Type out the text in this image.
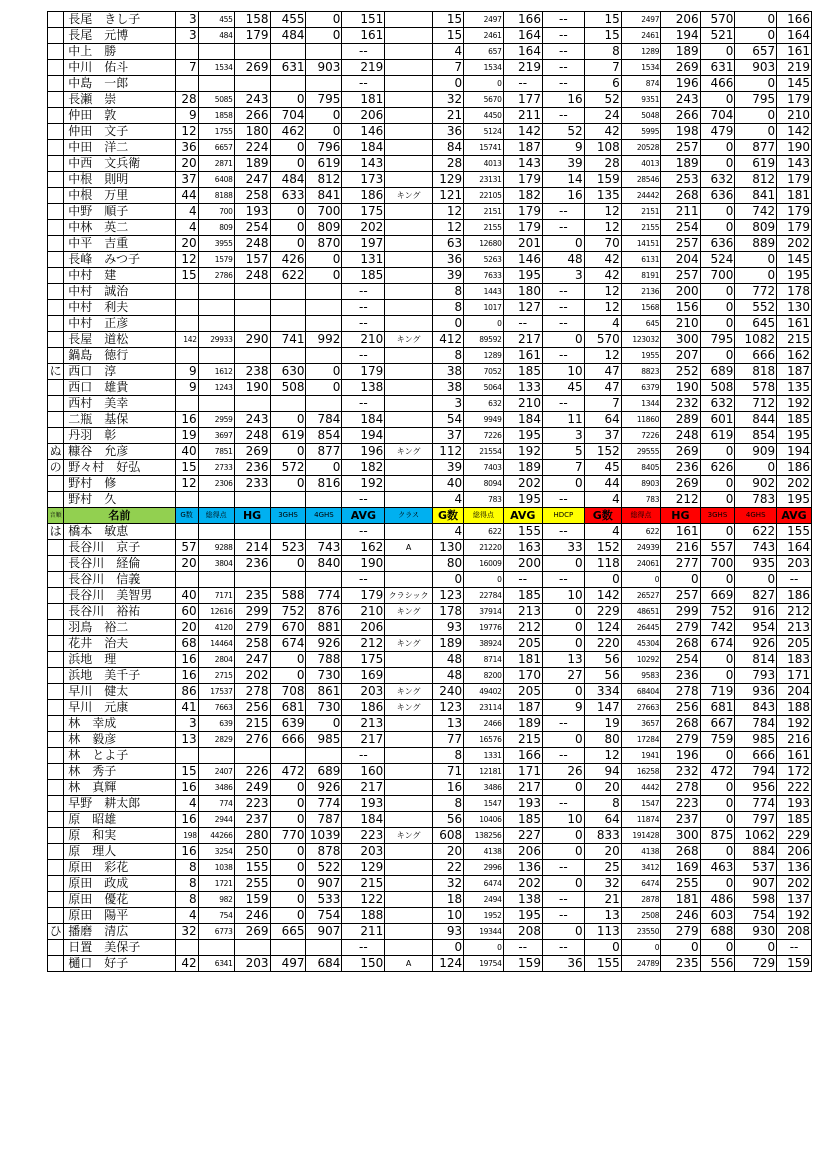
	長尾　きし子	3	455	158	455	0	151		15	2497	166	--	15	2497	206	570	0	166
	長尾　元博	3	484	179	484	0	161		15	2461	164	--	15	2461	194	521	0	164
	中上　勝						--		4	657	164	--	8	1289	189	0	657	161
	中川　佑斗	7	1534	269	631	903	219		7	1534	219	--	7	1534	269	631	903	219
	中島　一郎						--		0	0	--	--	6	874	196	466	0	145
	長瀬　崇	28	5085	243	0	795	181		32	5670	177	16	52	9351	243	0	795	179
	仲田　敦	9	1858	266	704	0	206		21	4450	211	--	24	5048	266	704	0	210
	仲田　文子	12	1755	180	462	0	146		36	5124	142	52	42	5995	198	479	0	142
	中田　洋二	36	6657	224	0	796	184		84	15741	187	9	108	20528	257	0	877	190
	中西　文兵衛	20	2871	189	0	619	143		28	4013	143	39	28	4013	189	0	619	143
	中根　則明	37	6408	247	484	812	173		129	23131	179	14	159	28546	253	632	812	179
	中根　万里	44	8188	258	633	841	186	キング	121	22105	182	16	135	24442	268	636	841	181
	中野　順子	4	700	193	0	700	175		12	2151	179	--	12	2151	211	0	742	179
	中林　英二	4	809	254	0	809	202		12	2155	179	--	12	2155	254	0	809	179
	中平　吉重	20	3955	248	0	870	197		63	12680	201	0	70	14151	257	636	889	202
	長峰　みつ子	12	1579	157	426	0	131		36	5263	146	48	42	6131	204	524	0	145
	中村　建	15	2786	248	622	0	185		39	7633	195	3	42	8191	257	700	0	195
	中村　誠治						--		8	1443	180	--	12	2136	200	0	772	178
	中村　利夫						--		8	1017	127	--	12	1568	156	0	552	130
	中村　正彦						--		0	0	--	--	4	645	210	0	645	161
	長屋　道松	142	29933	290	741	992	210	キング	412	89592	217	0	570	123032	300	795	1082	215
	鍋島　徳行						--		8	1289	161	--	12	1955	207	0	666	162
に	西口　淳	9	1612	238	630	0	179		38	7052	185	10	47	8823	252	689	818	187
	西口　雄貴	9	1243	190	508	0	138		38	5064	133	45	47	6379	190	508	578	135
	西村　美幸						--		3	632	210	--	7	1344	232	632	712	192
	二瓶　基保	16	2959	243	0	784	184		54	9949	184	11	64	11860	289	601	844	185
	丹羽　彰	19	3697	248	619	854	194		37	7226	195	3	37	7226	248	619	854	195
ぬ	糠谷　允彦	40	7851	269	0	877	196	キング	112	21554	192	5	152	29555	269	0	909	194
の	野々村　好弘	15	2733	236	572	0	182		39	7403	189	7	45	8405	236	626	0	186
	野村　修	12	2306	233	0	816	192		40	8094	202	0	44	8903	269	0	902	202
	野村　久						--		4	783	195	--	4	783	212	0	783	195
音順	名前	G数	総得点	HG	3GHS	4GHS	AVG	クラス	G数	総得点	AVG	HDCP	G数	総得点	HG	3GHS	4GHS	AVG
は	橋本　敏恵						--		4	622	155	--	4	622	161	0	622	155
	長谷川　京子	57	9288	214	523	743	162	A	130	21220	163	33	152	24939	216	557	743	164
	長谷川　経倫	20	3804	236	0	840	190		80	16009	200	0	118	24061	277	700	935	203
	長谷川　信義						--		0	0	--	--	0	0	0	0	0	--
	長谷川　美智男	40	7171	235	588	774	179	クラシック	123	22784	185	10	142	26527	257	669	827	186
	長谷川　裕祐	60	12616	299	752	876	210	キング	178	37914	213	0	229	48651	299	752	916	212
	羽鳥　裕二	20	4120	279	670	881	206		93	19776	212	0	124	26445	279	742	954	213
	花井　治夫	68	14464	258	674	926	212	キング	189	38924	205	0	220	45304	268	674	926	205
	浜地　理	16	2804	247	0	788	175		48	8714	181	13	56	10292	254	0	814	183
	浜地　美千子	16	2715	202	0	730	169		48	8200	170	27	56	9583	236	0	793	171
	早川　健太	86	17537	278	708	861	203	キング	240	49402	205	0	334	68404	278	719	936	204
	早川　元康	41	7663	256	681	730	186	キング	123	23114	187	9	147	27663	256	681	843	188
	林　幸成	3	639	215	639	0	213		13	2466	189	--	19	3657	268	667	784	192
	林　毅彦	13	2829	276	666	985	217		77	16576	215	0	80	17284	279	759	985	216
	林　とよ子						--		8	1331	166	--	12	1941	196	0	666	161
	林　秀子	15	2407	226	472	689	160		71	12181	171	26	94	16258	232	472	794	172
	林　真輝	16	3486	249	0	926	217		16	3486	217	0	20	4442	278	0	956	222
	早野　耕太郎	4	774	223	0	774	193		8	1547	193	--	8	1547	223	0	774	193
	原　昭雄	16	2944	237	0	787	184		56	10406	185	10	64	11874	237	0	797	185
	原　和実	198	44266	280	770	1039	223	キング	608	138256	227	0	833	191428	300	875	1062	229
	原　理人	16	3254	250	0	878	203		20	4138	206	0	20	4138	268	0	884	206
	原田　彩花	8	1038	155	0	522	129		22	2996	136	--	25	3412	169	463	537	136
	原田　政成	8	1721	255	0	907	215		32	6474	202	0	32	6474	255	0	907	202
	原田　優花	8	982	159	0	533	122		18	2494	138	--	21	2878	181	486	598	137
	原田　陽平	4	754	246	0	754	188		10	1952	195	--	13	2508	246	603	754	192
ひ	播磨　清広	32	6773	269	665	907	211		93	19344	208	0	113	23550	279	688	930	208
	日置　美保子						--		0	0	--	--	0	0	0	0	0	--
	樋口　好子	42	6341	203	497	684	150	A	124	19754	159	36	155	24789	235	556	729	159
